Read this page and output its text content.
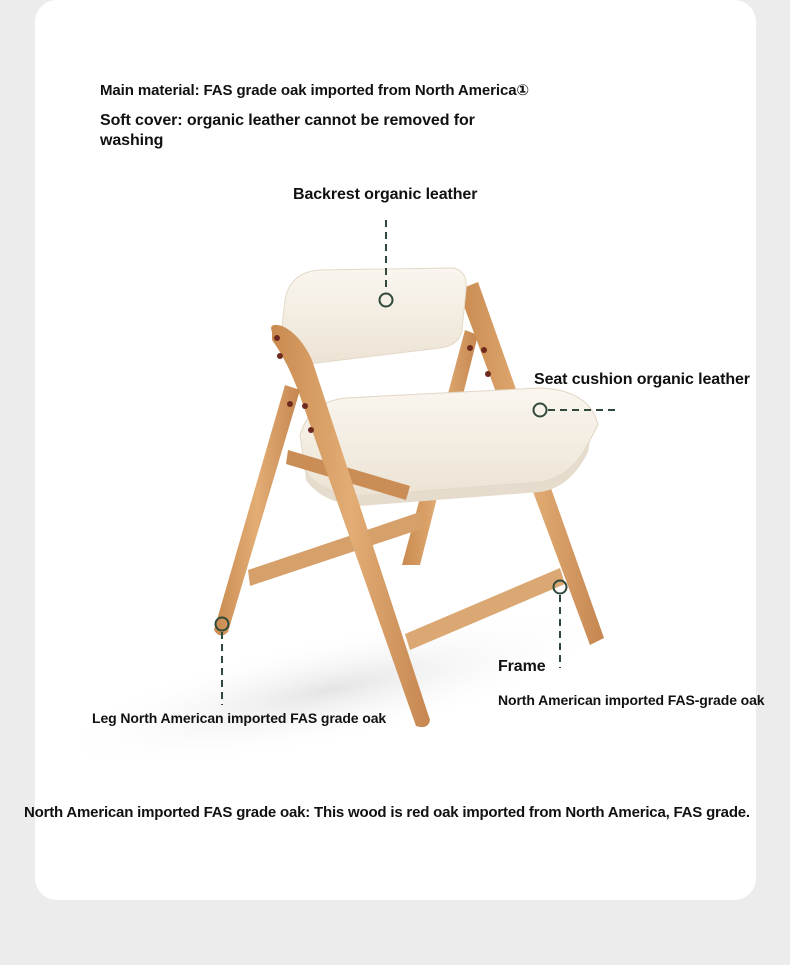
Main material: FAS grade oak imported from North America①
Soft cover: organic leather cannot be removed for washing
Backrest organic leather
Seat cushion organic leather
Frame
North American imported FAS-grade oak
Leg North American imported FAS grade oak
North American imported FAS grade oak: This wood is red oak imported from North America, FAS grade.
